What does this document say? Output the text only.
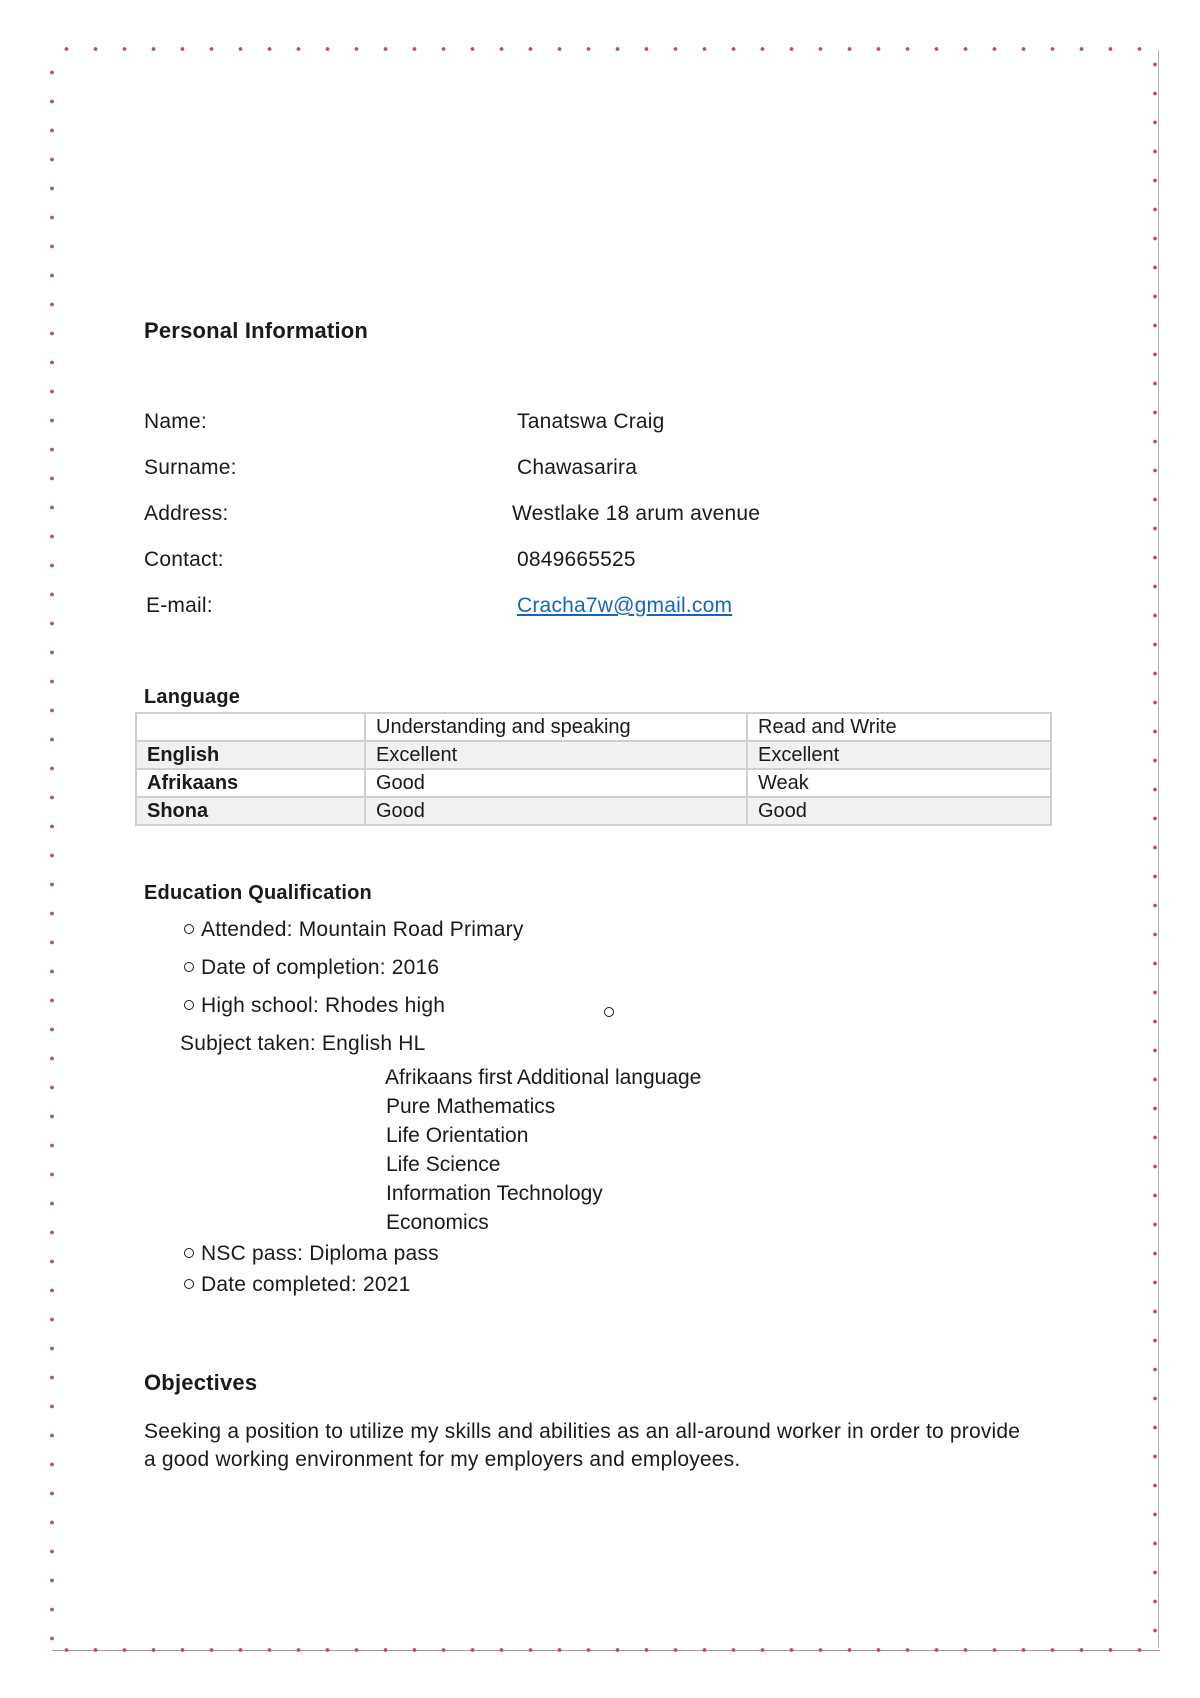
Personal Information
Name:	Tanatswa Craig
Surname:	Chawasarira
Address:	Westlake 18 arum avenue
Contact:	0849665525
E-mail:	Cracha7w@gmail.com
Language
	Understanding and speaking	Read and Write
English	Excellent	Excellent
Afrikaans	Good	Weak
Shona	Good	Good
Education Qualification
Attended: Mountain Road Primary
Date of completion: 2016
High school: Rhodes high
Subject taken: English HL
Afrikaans first Additional language
Pure Mathematics
Life Orientation
Life Science
Information Technology
Economics
NSC pass: Diploma pass
Date completed: 2021
Objectives
Seeking a position to utilize my skills and abilities as an all-around worker in order to provide a good working environment for my employers and employees.
